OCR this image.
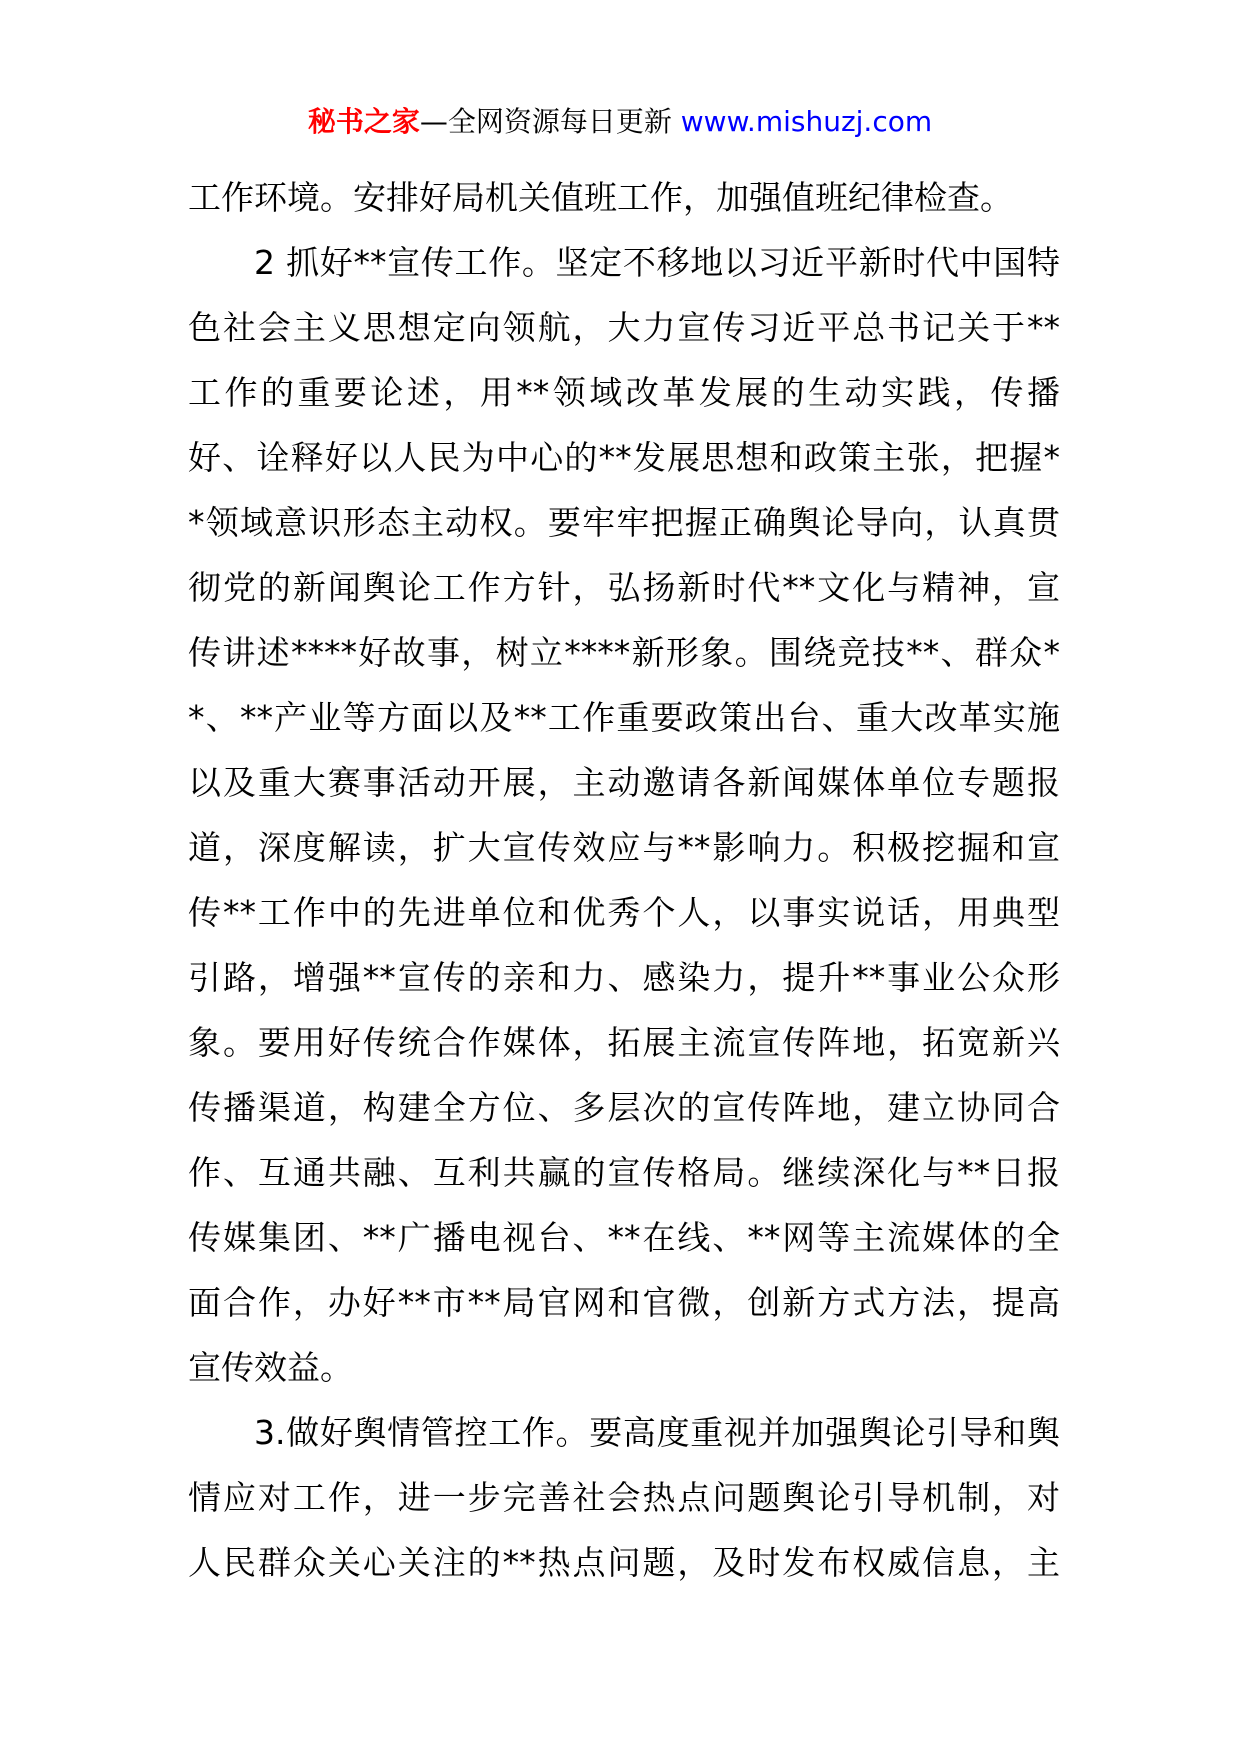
秘书之家—全网资源每日更新 www.mishuzj.com
工作环境。安排好局机关值班工作，加强值班纪律检查。
2 抓好**宣传工作。坚定不移地以习近平新时代中国特
色社会主义思想定向领航，大力宣传习近平总书记关于**
工作的重要论述，用**领域改革发展的生动实践，传播
好、诠释好以人民为中心的**发展思想和政策主张，把握*
*领域意识形态主动权。要牢牢把握正确舆论导向，认真贯
彻党的新闻舆论工作方针，弘扬新时代**文化与精神，宣
传讲述****好故事，树立****新形象。围绕竞技**、群众*
*、**产业等方面以及**工作重要政策出台、重大改革实施
以及重大赛事活动开展，主动邀请各新闻媒体单位专题报
道，深度解读，扩大宣传效应与**影响力。积极挖掘和宣
传**工作中的先进单位和优秀个人，以事实说话，用典型
引路，增强**宣传的亲和力、感染力，提升**事业公众形
象。要用好传统合作媒体，拓展主流宣传阵地，拓宽新兴
传播渠道，构建全方位、多层次的宣传阵地，建立协同合
作、互通共融、互利共赢的宣传格局。继续深化与**日报
传媒集团、**广播电视台、**在线、**网等主流媒体的全
面合作，办好**市**局官网和官微，创新方式方法，提高
宣传效益。
3.做好舆情管控工作。要高度重视并加强舆论引导和舆
情应对工作，进一步完善社会热点问题舆论引导机制，对
人民群众关心关注的**热点问题，及时发布权威信息，主
